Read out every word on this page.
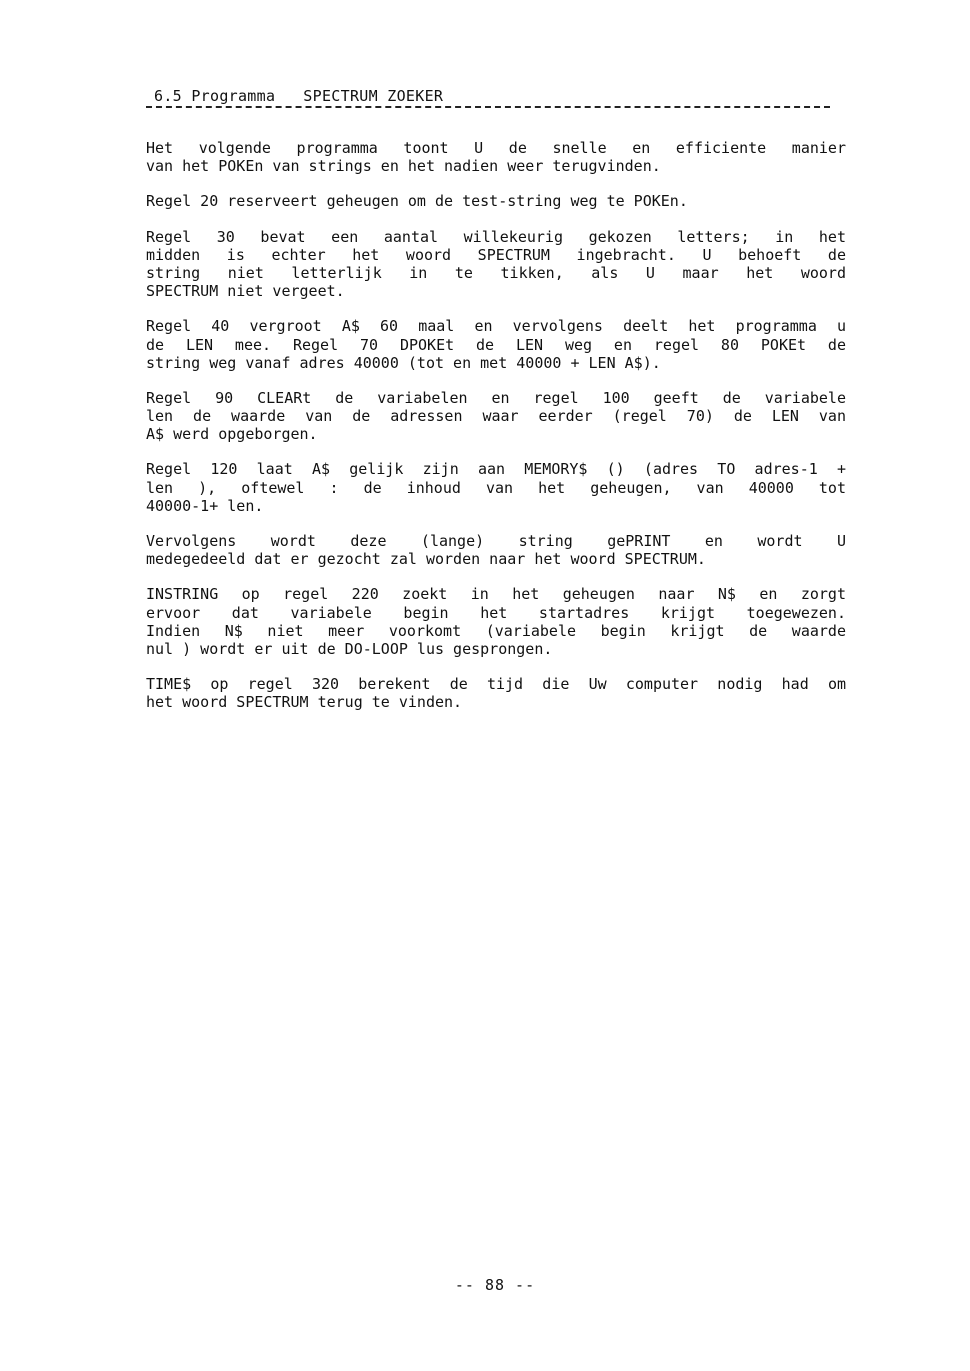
6.5 Programma   SPECTRUM ZOEKER
Het volgende programma toont U de snelle en efficiente manier
van het POKEn van strings en het nadien weer terugvinden.
Regel 20 reserveert geheugen om de test-string weg te POKEn.
Regel 30 bevat een aantal willekeurig gekozen letters; in het
midden is echter het woord SPECTRUM ingebracht. U behoeft de
string niet letterlijk in te tikken, als U maar het woord
SPECTRUM niet vergeet.
Regel 40 vergroot A$ 60 maal en vervolgens deelt het programma u
de LEN mee. Regel 70 DPOKEt de LEN weg en regel 80 POKEt de
string weg vanaf adres 40000 (tot en met 40000 + LEN A$).
Regel 90 CLEARt de variabelen en regel 100 geeft de variabele
len de waarde van de adressen waar eerder (regel 70) de LEN van
A$ werd opgeborgen.
Regel 120 laat A$ gelijk zijn aan MEMORY$ () (adres TO adres-1 +
len ), oftewel : de inhoud van het geheugen, van 40000 tot
40000-1+ len.
Vervolgens wordt deze (lange) string gePRINT en wordt U
medegedeeld dat er gezocht zal worden naar het woord SPECTRUM.
INSTRING op regel 220 zoekt in het geheugen naar N$ en zorgt
ervoor dat variabele begin het startadres krijgt toegewezen.
Indien N$ niet meer voorkomt (variabele begin krijgt de waarde
nul ) wordt er uit de DO-LOOP lus gesprongen.
TIME$ op regel 320 berekent de tijd die Uw computer nodig had om
het woord SPECTRUM terug te vinden.
-- 88 --
